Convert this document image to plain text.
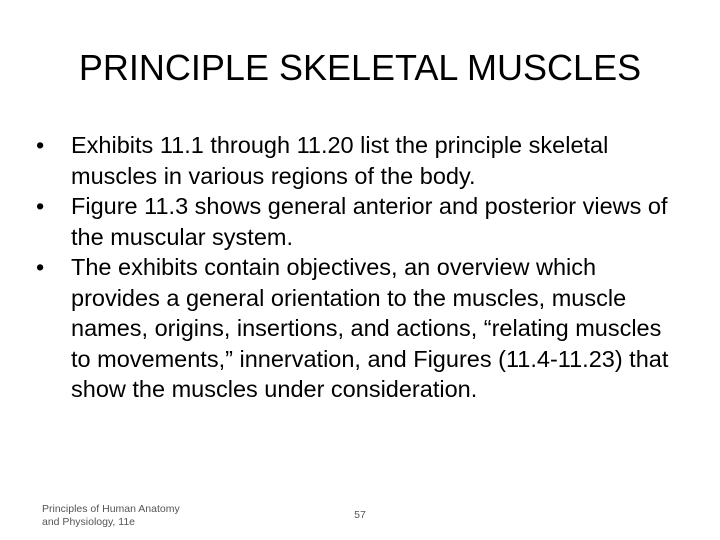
PRINCIPLE SKELETAL MUSCLES
•	Exhibits 11.1 through 11.20 list the principle skeletal muscles in various regions of the body.
•	Figure 11.3 shows general anterior and posterior views of the muscular system.
•	The exhibits contain objectives, an overview which provides a general orientation to the muscles, muscle names, origins, insertions, and actions, “relating muscles to movements,” innervation, and Figures (11.4-11.23) that show the muscles under consideration.
Principles of Human Anatomy
and Physiology, 11e
57
